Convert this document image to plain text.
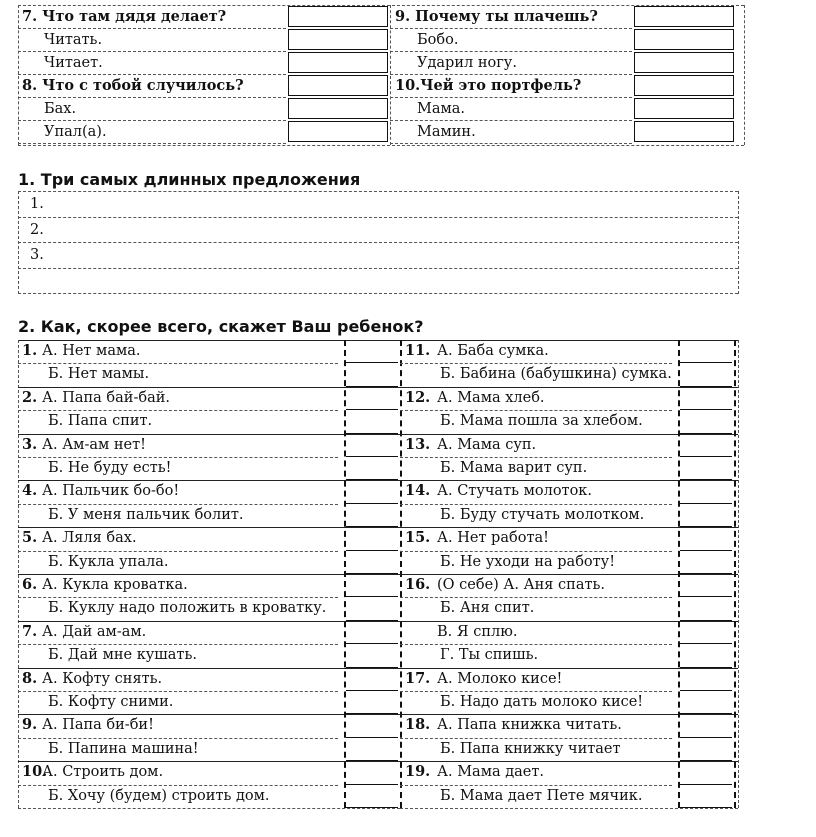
7. Что там дядя делает?
Читать.
Читает.
8. Что с тобой случилось?
Бах.
Упал(а).
9. Почему ты плачешь?
Бобо.
Ударил ногу.
10.Чей это портфель?
Мама.
Мамин.
1. Три самых длинных предложения
1.
2.
3.
2. Как, скорее всего, скажет Ваш ребенок?
1. А. Нет мама.
Б. Нет мамы.
2. А. Папа бай-бай.
Б. Папа спит.
3. А. Ам-ам нет!
Б. Не буду есть!
4. А. Пальчик бо-бо!
Б. У меня пальчик болит.
5. А. Ляля бах.
Б. Кукла упала.
6. А. Кукла кроватка.
Б. Куклу надо положить в кроватку.
7. А. Дай ам-ам.
Б. Дай мне кушать.
8. А. Кофту снять.
Б. Кофту сними.
9. А. Папа би-би!
Б. Папина машина!
10.
А. Строить дом.
Б. Хочу (будем) строить дом.
11. А. Баба сумка.
Б. Бабина (бабушкина) сумка.
12. А. Мама хлеб.
Б. Мама пошла за хлебом.
13. А. Мама суп.
Б. Мама варит суп.
14. А. Стучать молоток.
Б. Буду стучать молотком.
15. А. Нет работа!
Б. Не уходи на работу!
16. (О себе) А. Аня спать.
Б. Аня спит.
В. Я сплю.
Г. Ты спишь.
17. А. Молоко кисе!
Б. Надо дать молоко кисе!
18. А. Папа книжка читать.
Б. Папа книжку читает
19. А. Мама дает.
Б. Мама дает Пете мячик.
